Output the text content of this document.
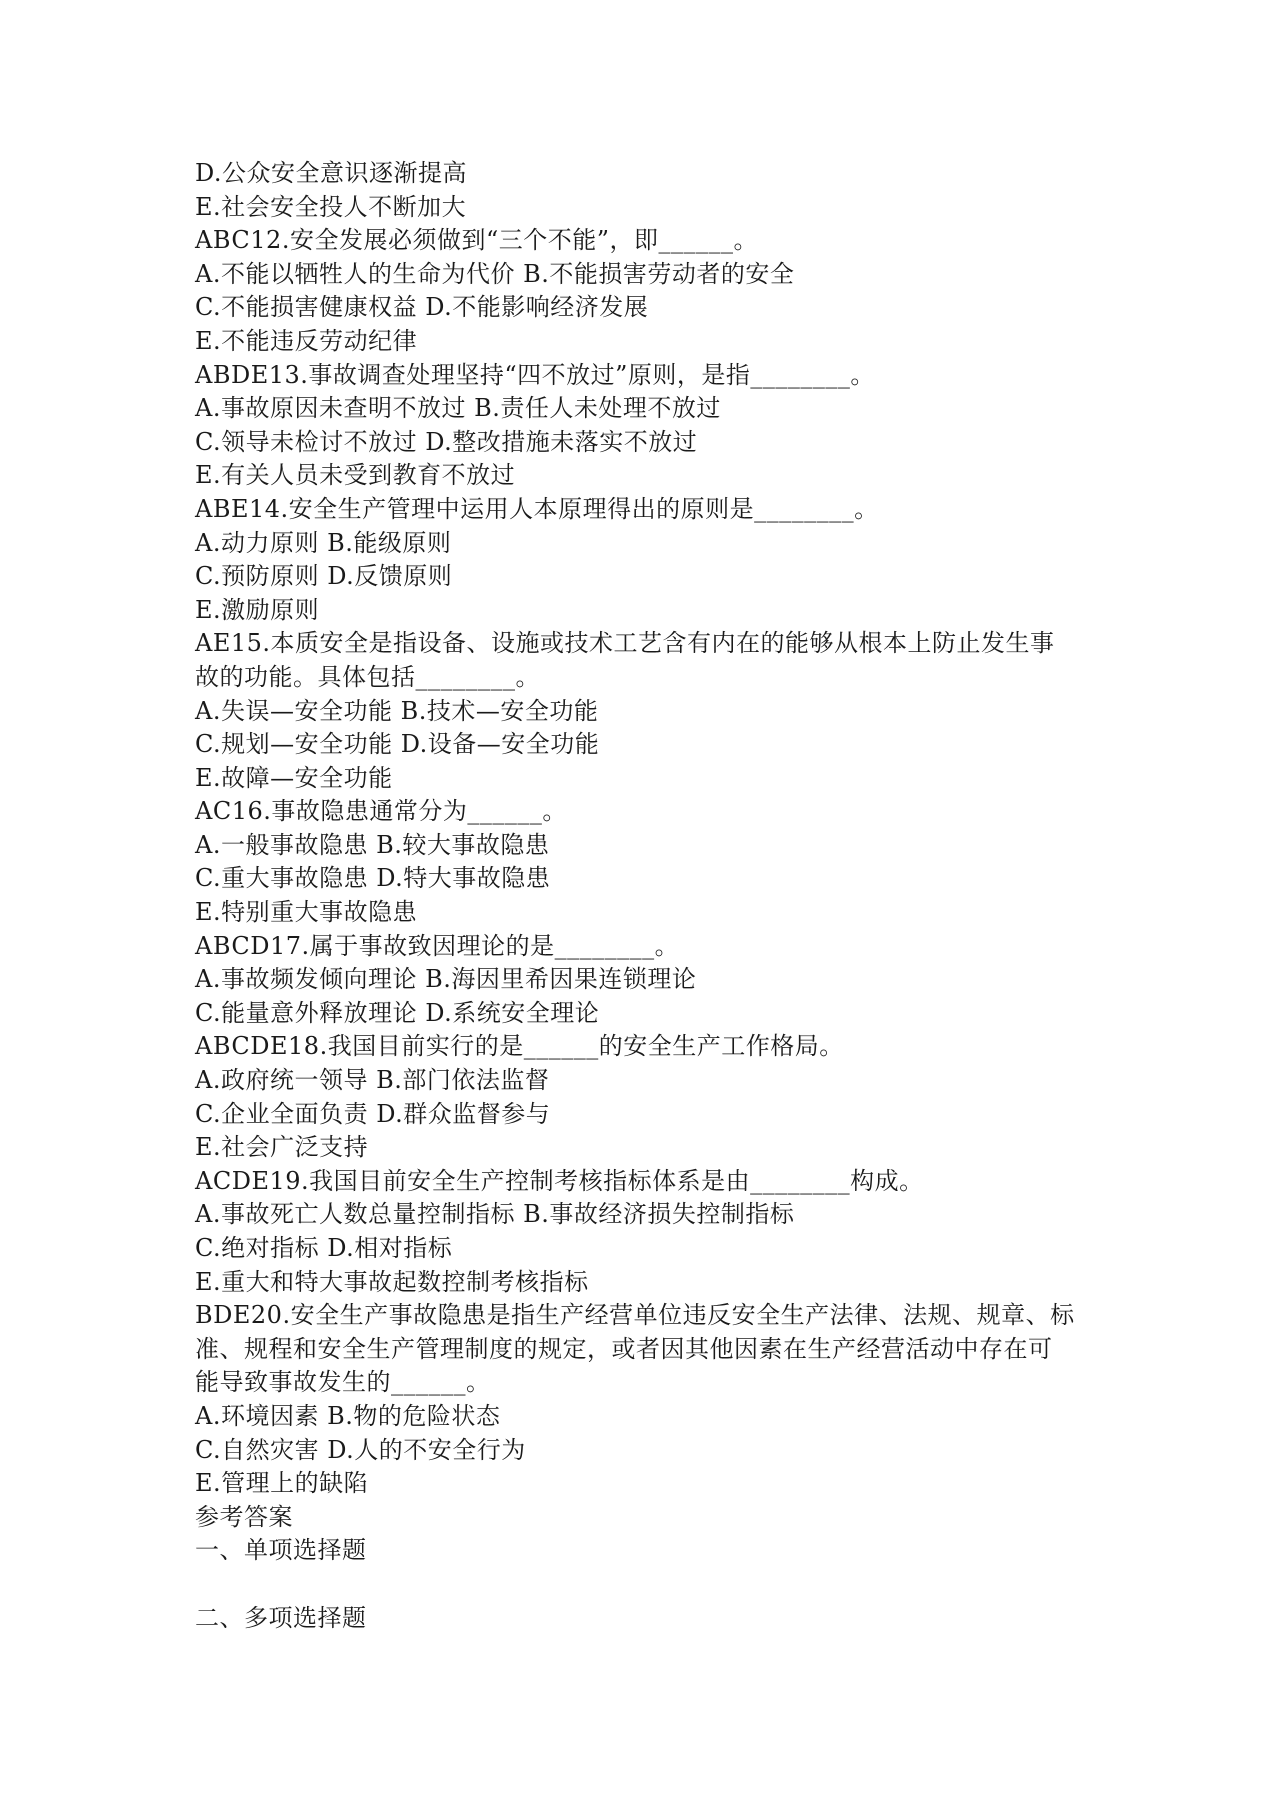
D.公众安全意识逐渐提高
E.社会安全投人不断加大
ABC12.安全发展必须做到“三个不能”，即______。
A.不能以牺牲人的生命为代价 B.不能损害劳动者的安全
C.不能损害健康权益 D.不能影响经济发展
E.不能违反劳动纪律
ABDE13.事故调查处理坚持“四不放过”原则，是指________。
A.事故原因未查明不放过 B.责任人未处理不放过
C.领导未检讨不放过 D.整改措施未落实不放过
E.有关人员未受到教育不放过
ABE14.安全生产管理中运用人本原理得出的原则是________。
A.动力原则 B.能级原则
C.预防原则 D.反馈原则
E.激励原则
AE15.本质安全是指设备、设施或技术工艺含有内在的能够从根本上防止发生事
故的功能。具体包括________。
A.失误—安全功能 B.技术—安全功能
C.规划—安全功能 D.设备—安全功能
E.故障—安全功能
AC16.事故隐患通常分为______。
A.一般事故隐患 B.较大事故隐患
C.重大事故隐患 D.特大事故隐患
E.特别重大事故隐患
ABCD17.属于事故致因理论的是________。
A.事故频发倾向理论 B.海因里希因果连锁理论
C.能量意外释放理论 D.系统安全理论
ABCDE18.我国目前实行的是______的安全生产工作格局。
A.政府统一领导 B.部门依法监督
C.企业全面负责 D.群众监督参与
E.社会广泛支持
ACDE19.我国目前安全生产控制考核指标体系是由________构成。
A.事故死亡人数总量控制指标 B.事故经济损失控制指标
C.绝对指标 D.相对指标
E.重大和特大事故起数控制考核指标
BDE20.安全生产事故隐患是指生产经营单位违反安全生产法律、法规、规章、标
准、规程和安全生产管理制度的规定，或者因其他因素在生产经营活动中存在可
能导致事故发生的______。
A.环境因素 B.物的危险状态
C.自然灾害 D.人的不安全行为
E.管理上的缺陷
参考答案
一、单项选择题
二、多项选择题
